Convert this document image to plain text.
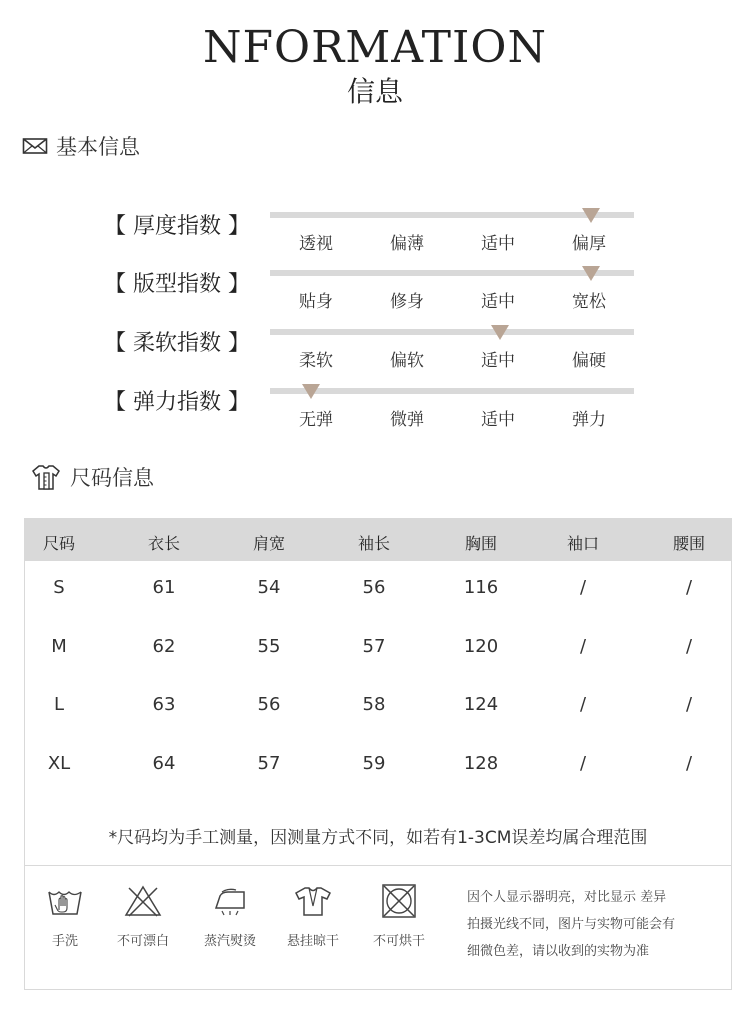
NFORMATION
信息
基本信息
【 厚度指数 】
透视	偏薄	适中	偏厚
【 版型指数 】
贴身	修身	适中	宽松
【 柔软指数 】
柔软	偏软	适中	偏硬
【 弹力指数 】
无弹	微弹	适中	弹力
尺码信息
尺码	衣长	肩宽	袖长	胸围	袖口	腰围
S	61	54	56	116	/	/
M	62	55	57	120	/	/
L	63	56	58	124	/	/
XL	64	57	59	128	/	/
*尺码均为手工测量，因测量方式不同，如若有1-3CM误差均属合理范围
手洗	不可漂白	蒸汽熨烫	悬挂晾干	不可烘干
因个人显示器明亮，对比显示 差异
拍摄光线不同，图片与实物可能会有
细微色差，请以收到的实物为准
